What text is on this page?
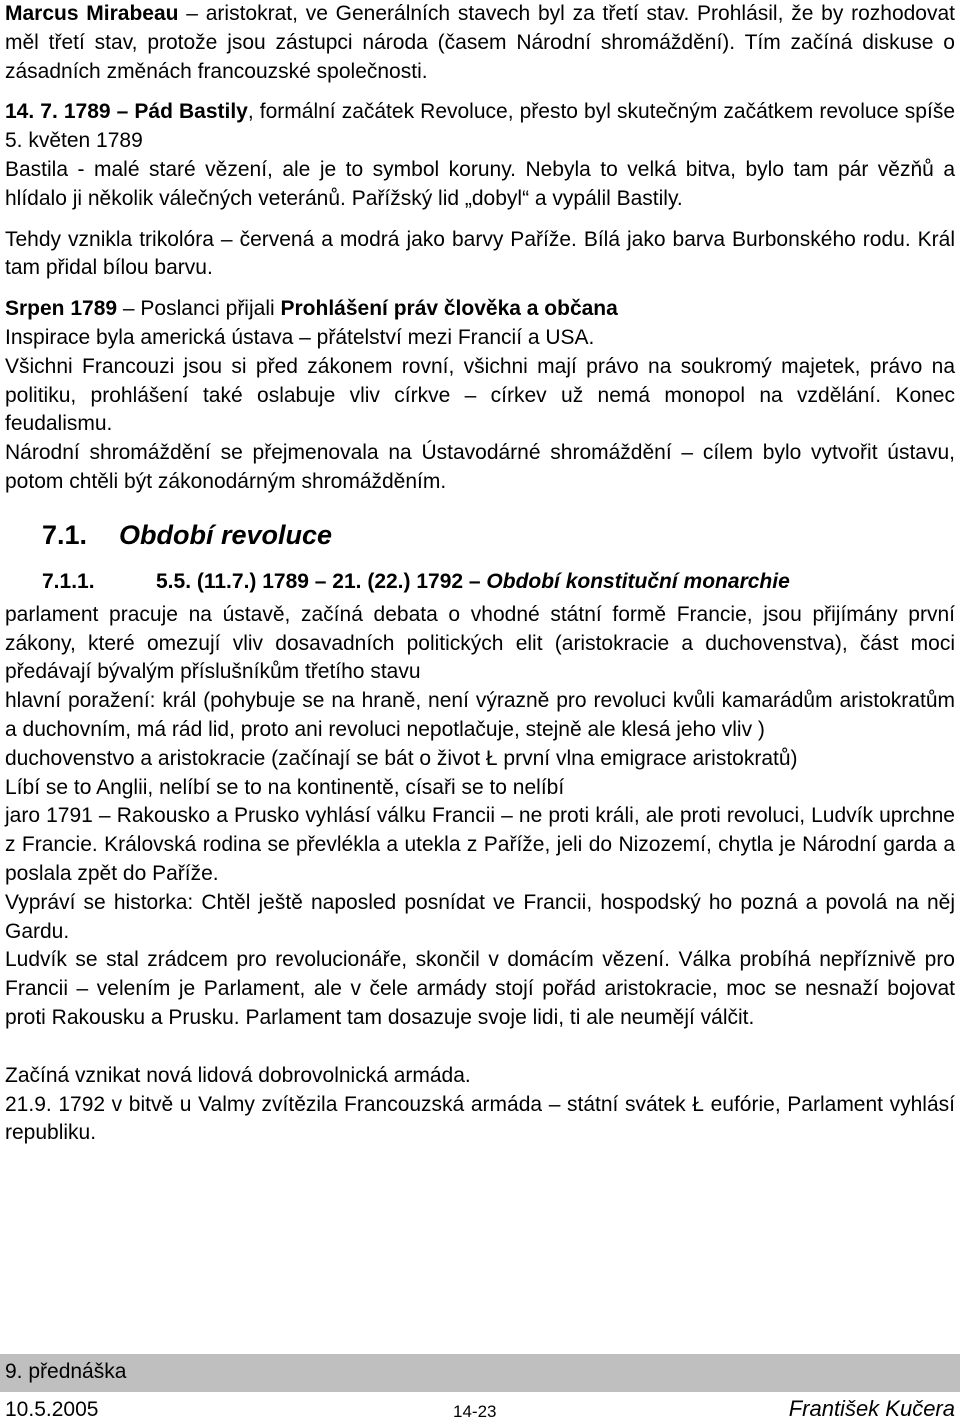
Marcus Mirabeau – aristokrat, ve Generálních stavech byl za třetí stav. Prohlásil, že by rozhodovat měl třetí stav, protože jsou zástupci národa (časem Národní shromáždění). Tím začíná diskuse o zásadních změnách francouzské společnosti.

14. 7. 1789 – Pád Bastily, formální začátek Revoluce, přesto byl skutečným začátkem revoluce spíše 5. květen 1789

Bastila - malé staré vězení, ale je to symbol koruny. Nebyla to velká bitva, bylo tam pár vězňů a hlídalo ji několik válečných veteránů. Pařížský lid „dobyl“ a vypálil Bastily.

Tehdy vznikla trikolóra – červená a modrá jako barvy Paříže. Bílá jako barva Burbonského rodu. Král tam přidal bílou barvu.

Srpen 1789 – Poslanci přijali Prohlášení práv člověka a občana

Inspirace byla americká ústava – přátelství mezi Francií a USA.

Všichni Francouzi jsou si před zákonem rovní, všichni mají právo na soukromý majetek, právo na politiku, prohlášení také oslabuje vliv církve – církev už nemá monopol na vzdělání. Konec feudalismu.

Národní shromáždění se přejmenovala na Ústavodárné shromáždění – cílem bylo vytvořit ústavu, potom chtěli být zákonodárným shromážděním.

7.1. Období revoluce
7.1.1.	5.5. (11.7.) 1789 – 21. (22.) 1792 – Období konstituční monarchie

parlament pracuje na ústavě, začíná debata o vhodné státní formě Francie, jsou přijímány první zákony, které omezují vliv dosavadních politických elit (aristokracie a duchovenstva), část moci předávají bývalým příslušníkům třetího stavu

hlavní poražení: král (pohybuje se na hraně, není výrazně pro revoluci kvůli kamarádům aristokratům a duchovním, má rád lid, proto ani revoluci nepotlačuje, stejně ale klesá jeho vliv )

duchovenstvo a aristokracie (začínají se bát o život Ł první vlna emigrace aristokratů)

Líbí se to Anglii, nelíbí se to na kontinentě, císaři se to nelíbí

jaro 1791 – Rakousko a Prusko vyhlásí válku Francii – ne proti králi, ale proti revoluci, Ludvík uprchne z Francie. Královská rodina se převlékla a utekla z Paříže, jeli do Nizozemí, chytla je Národní garda a poslala zpět do Paříže.

Vypráví se historka: Chtěl ještě naposled posnídat ve Francii, hospodský ho pozná a povolá na něj Gardu.

Ludvík se stal zrádcem pro revolucionáře, skončil v domácím vězení. Válka probíhá nepříznivě pro Francii – velením je Parlament, ale v čele armády stojí pořád aristokracie, moc se nesnaží bojovat proti Rakousku a Prusku. Parlament tam dosazuje svoje lidi, ti ale neumějí válčit.

Začíná vznikat nová lidová dobrovolnická armáda.

21.9. 1792 v bitvě u Valmy zvítězila Francouzská armáda – státní svátek Ł eufórie, Parlament vyhlásí republiku.

9. přednáška
10.5.2005	14-23	František Kučera
